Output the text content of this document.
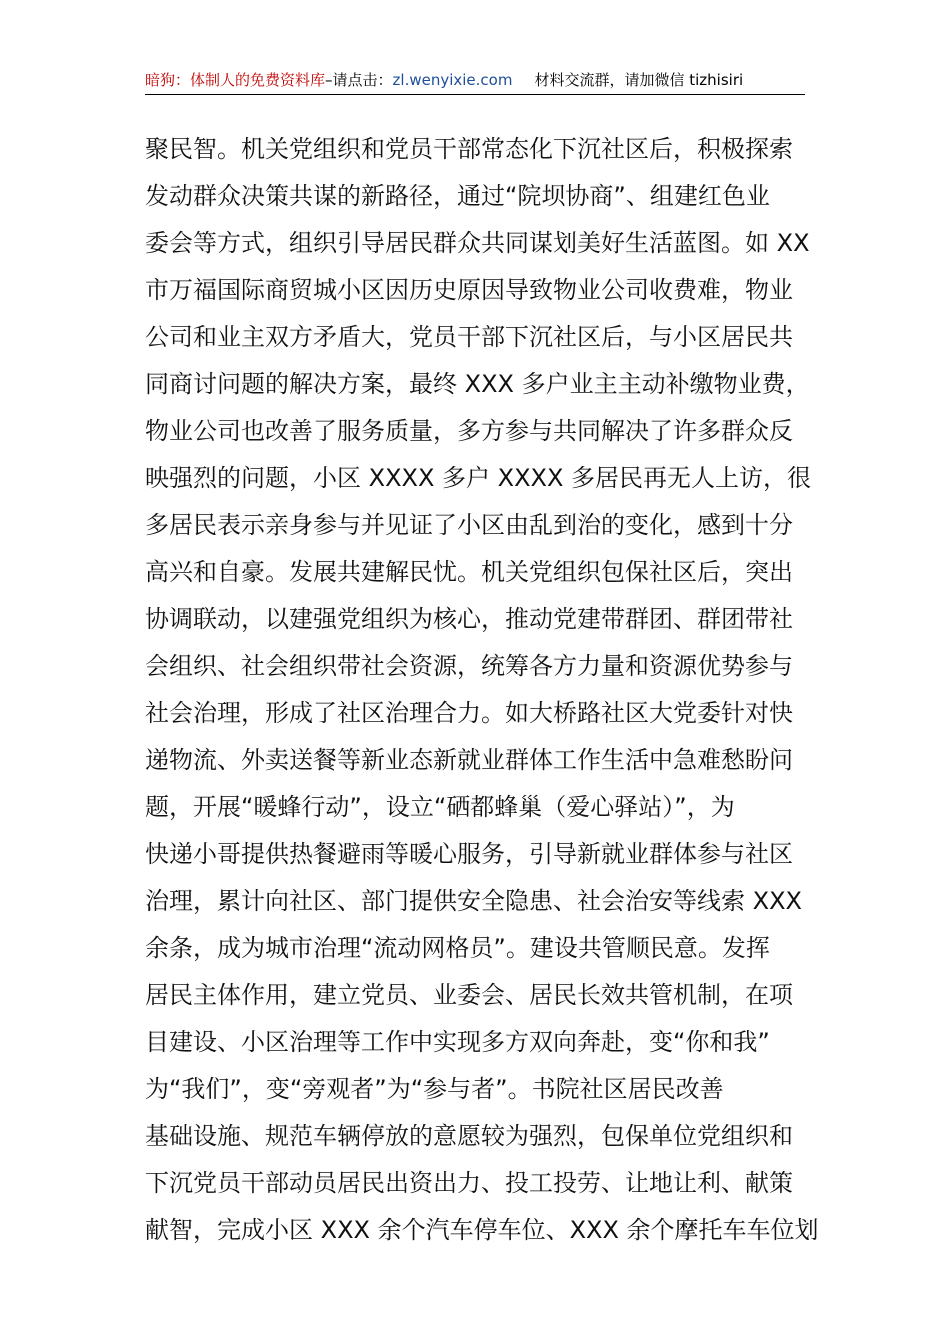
暗狗：体制人的免费资料库–请点击：zl.wenyixie.com 材料交流群，请加微信 tizhisiri
聚民智。机关党组织和党员干部常态化下沉社区后，积极探索
发动群众决策共谋的新路径，通过“院坝协商”、组建红色业
委会等方式，组织引导居民群众共同谋划美好生活蓝图。如 XX
市万福国际商贸城小区因历史原因导致物业公司收费难，物业
公司和业主双方矛盾大，党员干部下沉社区后，与小区居民共
同商讨问题的解决方案，最终 XXX 多户业主主动补缴物业费，
物业公司也改善了服务质量，多方参与共同解决了许多群众反
映强烈的问题，小区 XXXX 多户 XXXX 多居民再无人上访，很
多居民表示亲身参与并见证了小区由乱到治的变化，感到十分
高兴和自豪。发展共建解民忧。机关党组织包保社区后，突出
协调联动，以建强党组织为核心，推动党建带群团、群团带社
会组织、社会组织带社会资源，统筹各方力量和资源优势参与
社会治理，形成了社区治理合力。如大桥路社区大党委针对快
递物流、外卖送餐等新业态新就业群体工作生活中急难愁盼问
题，开展“暖蜂行动”，设立“硒都蜂巢（爱心驿站）”，为
快递小哥提供热餐避雨等暖心服务，引导新就业群体参与社区
治理，累计向社区、部门提供安全隐患、社会治安等线索 XXX
余条，成为城市治理“流动网格员”。建设共管顺民意。发挥
居民主体作用，建立党员、业委会、居民长效共管机制，在项
目建设、小区治理等工作中实现多方双向奔赴，变“你和我”
为“我们”，变“旁观者”为“参与者”。书院社区居民改善
基础设施、规范车辆停放的意愿较为强烈，包保单位党组织和
下沉党员干部动员居民出资出力、投工投劳、让地让利、献策
献智，完成小区 XXX 余个汽车停车位、XXX 余个摩托车车位划
